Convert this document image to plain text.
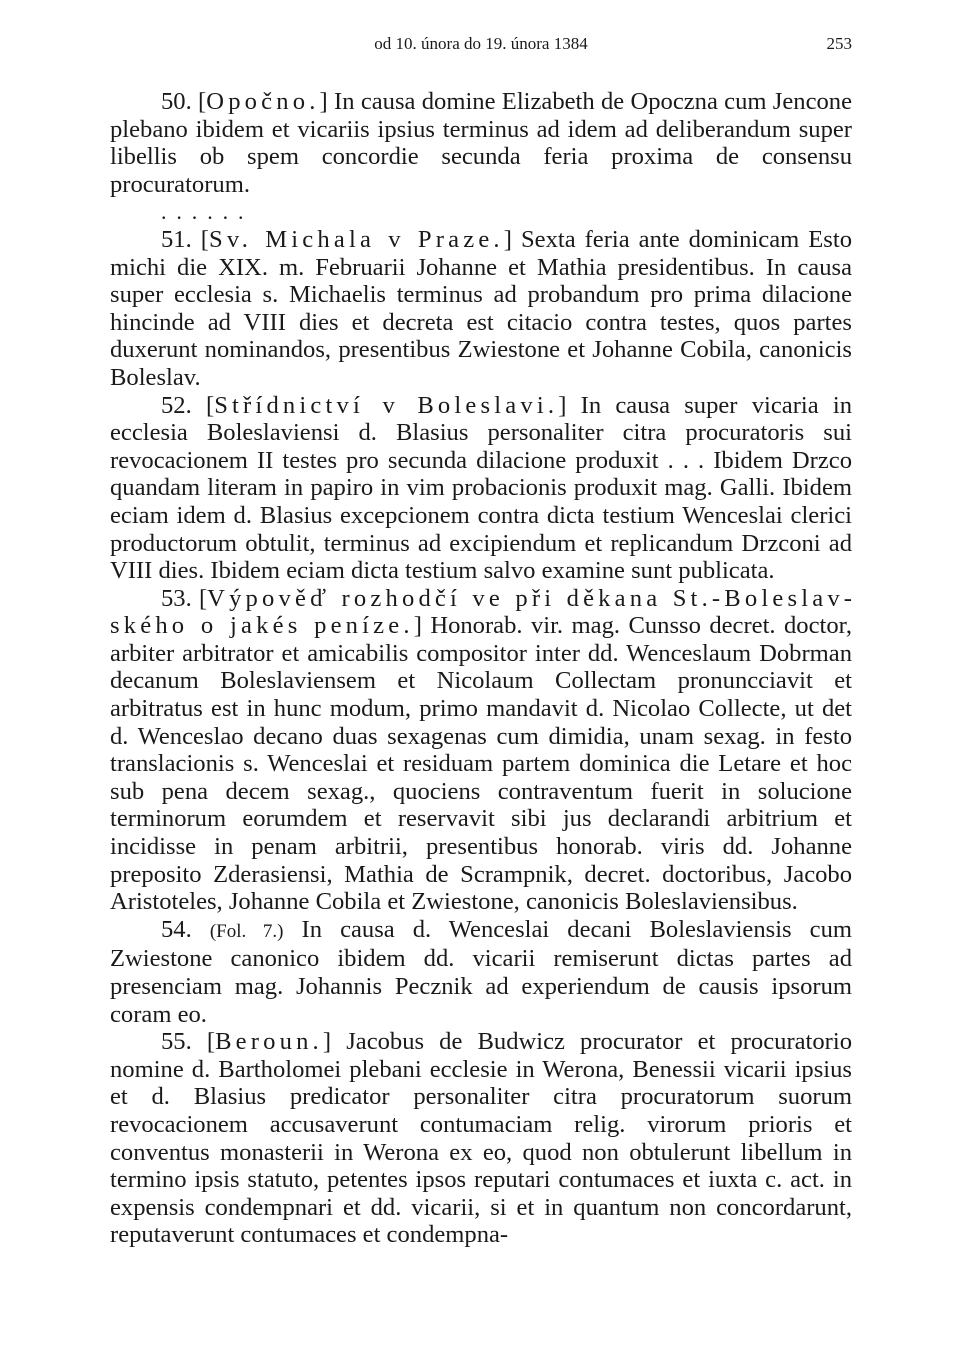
od 10. února do 19. února 1384	253

50. [Opočno.] In causa domine Elizabeth de Opoczna cum Jencone plebano ibidem et vicariis ipsius terminus ad idem ad deliberandum super libellis ob spem concordie secunda feria proxima de consensu procuratorum.

......

51. [Sv. Michala v Praze.] Sexta feria ante dominicam Esto michi die XIX. m. Februarii Johanne et Mathia presidentibus. In causa super ecclesia s. Michaelis terminus ad probandum pro prima dilacione hincinde ad VIII dies et decreta est citacio contra testes, quos partes duxerunt nominandos, presentibus Zwiestone et Johanne Cobila, canonicis Boleslav.

52. [Střídnictví v Boleslavi.] In causa super vicaria in ecclesia Boleslaviensi d. Blasius personaliter citra procuratoris sui revocacionem II testes pro secunda dilacione produxit . . . Ibidem Drzco quandam literam in papiro in vim probacionis produxit mag. Galli. Ibidem eciam idem d. Blasius excepcionem contra dicta testium Wenceslai clerici productorum obtulit, terminus ad excipiendum et replicandum Drzconi ad VIII dies. Ibidem eciam dicta testium salvo examine sunt publicata.

53. [Výpověď rozhodčí ve při děkana St.-Boleslavského o jakés peníze.] Honorab. vir. mag. Cunsso decret. doctor, arbiter arbitrator et amicabilis compositor inter dd. Wenceslaum Dobrman decanum Boleslaviensem et Nicolaum Collectam pronuncciavit et arbitratus est in hunc modum, primo mandavit d. Nicolao Collecte, ut det d. Wenceslao decano duas sexagenas cum dimidia, unam sexag. in festo translacionis s. Wenceslai et residuam partem dominica die Letare et hoc sub pena decem sexag., quociens contraventum fuerit in solucione terminorum eorumdem et reservavit sibi jus declarandi arbitrium et incidisse in penam arbitrii, presentibus honorab. viris dd. Johanne preposito Zderasiensi, Mathia de Scrampnik, decret. doctoribus, Jacobo Aristoteles, Johanne Cobila et Zwiestone, canonicis Boleslaviensibus.

54. (Fol. 7.) In causa d. Wenceslai decani Boleslaviensis cum Zwiestone canonico ibidem dd. vicarii remiserunt dictas partes ad presenciam mag. Johannis Pecznik ad experiendum de causis ipsorum coram eo.

55. [Beroun.] Jacobus de Budwicz procurator et procuratorio nomine d. Bartholomei plebani ecclesie in Werona, Benessii vicarii ipsius et d. Blasius predicator personaliter citra procuratorum suorum revocacionem accusaverunt contumaciam relig. virorum prioris et conventus monasterii in Werona ex eo, quod non obtulerunt libellum in termino ipsis statuto, petentes ipsos reputari contumaces et iuxta c. act. in expensis condempnari et dd. vicarii, si et in quantum non concordarunt, reputaverunt contumaces et condempna-
